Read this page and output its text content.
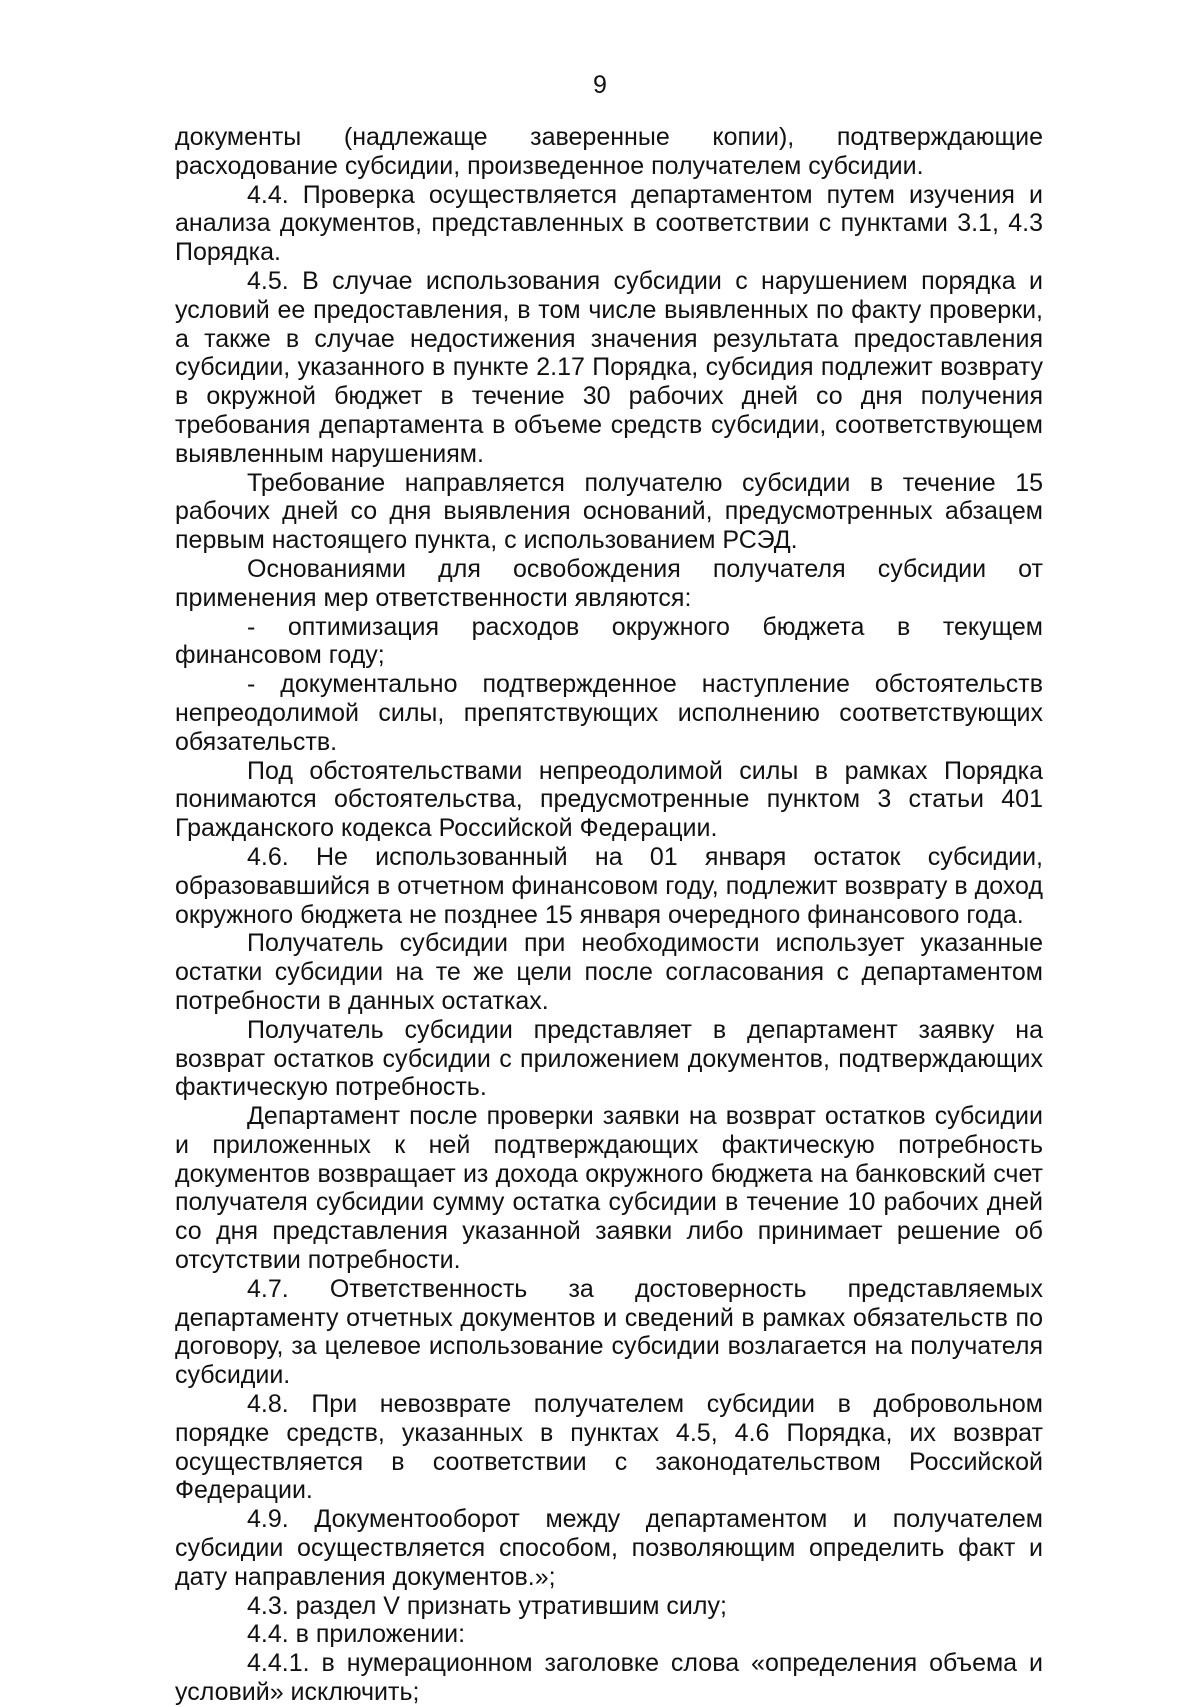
9

документы (надлежаще заверенные копии), подтверждающие расходование субсидии, произведенное получателем субсидии.

4.4. Проверка осуществляется департаментом путем изучения и анализа документов, представленных в соответствии с пунктами 3.1, 4.3 Порядка.

4.5. В случае использования субсидии с нарушением порядка и условий ее предоставления, в том числе выявленных по факту проверки, а также в случае недостижения значения результата предоставления субсидии, указанного в пункте 2.17 Порядка, субсидия подлежит возврату в окружной бюджет в течение 30 рабочих дней со дня получения требования департамента в объеме средств субсидии, соответствующем выявленным нарушениям.

Требование направляется получателю субсидии в течение 15 рабочих дней со дня выявления оснований, предусмотренных абзацем первым настоящего пункта, с использованием РСЭД.

Основаниями для освобождения получателя субсидии от применения мер ответственности являются:

- оптимизация расходов окружного бюджета в текущем финансовом году;

- документально подтвержденное наступление обстоятельств непреодолимой силы, препятствующих исполнению соответствующих обязательств.

Под обстоятельствами непреодолимой силы в рамках Порядка понимаются обстоятельства, предусмотренные пунктом 3 статьи 401 Гражданского кодекса Российской Федерации.

4.6. Не использованный на 01 января остаток субсидии, образовавшийся в отчетном финансовом году, подлежит возврату в доход окружного бюджета не позднее 15 января очередного финансового года.

Получатель субсидии при необходимости использует указанные остатки субсидии на те же цели после согласования с департаментом потребности в данных остатках.

Получатель субсидии представляет в департамент заявку на возврат остатков субсидии с приложением документов, подтверждающих фактическую потребность.

Департамент после проверки заявки на возврат остатков субсидии и приложенных к ней подтверждающих фактическую потребность документов возвращает из дохода окружного бюджета на банковский счет получателя субсидии сумму остатка субсидии в течение 10 рабочих дней со дня представления указанной заявки либо принимает решение об отсутствии потребности.

4.7. Ответственность за достоверность представляемых департаменту отчетных документов и сведений в рамках обязательств по договору, за целевое использование субсидии возлагается на получателя субсидии.

4.8. При невозврате получателем субсидии в добровольном порядке средств, указанных в пунктах 4.5, 4.6 Порядка, их возврат осуществляется в соответствии с законодательством Российской Федерации.

4.9. Документооборот между департаментом и получателем субсидии осуществляется способом, позволяющим определить факт и дату направления документов.»;

4.3. раздел V признать утратившим силу;

4.4. в приложении:

4.4.1. в нумерационном заголовке слова «определения объема и условий» исключить;
